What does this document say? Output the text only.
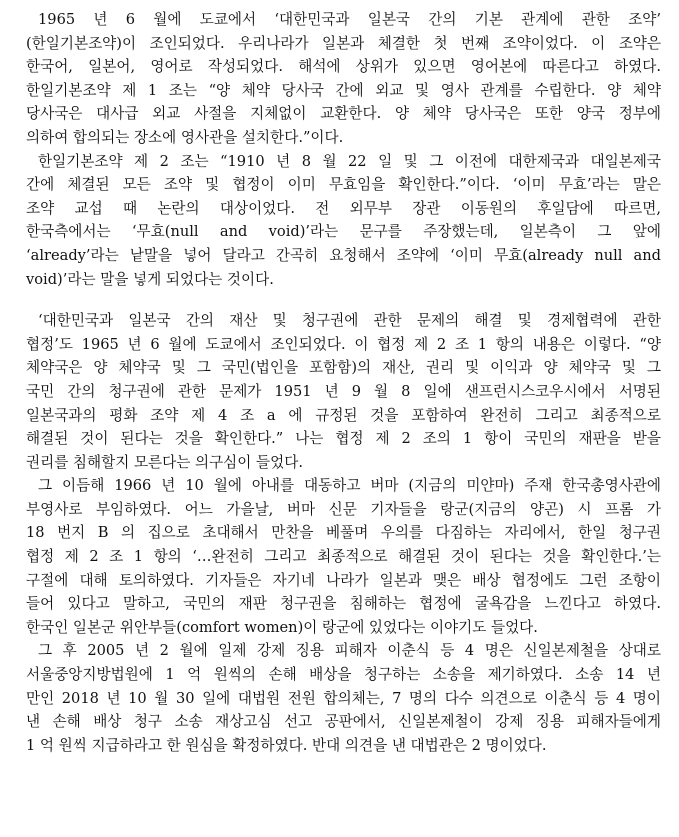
1965 년 6 월에 도쿄에서 ‘대한민국과 일본국 간의 기본 관계에 관한 조약’
(한일기본조약)이 조인되었다. 우리나라가 일본과 체결한 첫 번째 조약이었다. 이 조약은
한국어, 일본어, 영어로 작성되었다. 해석에 상위가 있으면 영어본에 따른다고 하였다.
한일기본조약 제 1 조는 “양 체약 당사국 간에 외교 및 영사 관계를 수립한다. 양 체약
당사국은 대사급 외교 사절을 지체없이 교환한다. 양 체약 당사국은 또한 양국 정부에
의하여 합의되는 장소에 영사관을 설치한다.”이다.
한일기본조약 제 2 조는 “1910 년 8 월 22 일 및 그 이전에 대한제국과 대일본제국
간에 체결된 모든 조약 및 협정이 이미 무효임을 확인한다.”이다. ‘이미 무효’라는 말은
조약 교섭 때 논란의 대상이었다. 전 외무부 장관 이동원의 후일담에 따르면,
한국측에서는 ‘무효(null and void)’라는 문구를 주장했는데, 일본측이 그 앞에
‘already’라는 낱말을 넣어 달라고 간곡히 요청해서 조약에 ‘이미 무효(already null and
void)’라는 말을 넣게 되었다는 것이다.
‘대한민국과 일본국 간의 재산 및 청구권에 관한 문제의 해결 및 경제협력에 관한
협정’도 1965 년 6 월에 도쿄에서 조인되었다. 이 협정 제 2 조 1 항의 내용은 이렇다. “양
체약국은 양 체약국 및 그 국민(법인을 포함함)의 재산, 권리 및 이익과 양 체약국 및 그
국민 간의 청구권에 관한 문제가 1951 년 9 월 8 일에 샌프런시스코우시에서 서명된
일본국과의 평화 조약 제 4 조 a 에 규정된 것을 포함하여 완전히 그리고 최종적으로
해결된 것이 된다는 것을 확인한다.” 나는 협정 제 2 조의 1 항이 국민의 재판을 받을
권리를 침해할지 모른다는 의구심이 들었다.
그 이듬해 1966 년 10 월에 아내를 대동하고 버마 (지금의 미얀마) 주재 한국총영사관에
부영사로 부임하였다. 어느 가을날, 버마 신문 기자들을 랑군(지금의 양곤) 시 프롬 가
18 번지 B 의 집으로 초대해서 만찬을 베풀며 우의를 다짐하는 자리에서, 한일 청구권
협정 제 2 조 1 항의 ‘…완전히 그리고 최종적으로 해결된 것이 된다는 것을 확인한다.’는
구절에 대해 토의하였다. 기자들은 자기네 나라가 일본과 맺은 배상 협정에도 그런 조항이
들어 있다고 말하고, 국민의 재판 청구권을 침해하는 협정에 굴욕감을 느낀다고 하였다.
한국인 일본군 위안부들(comfort women)이 랑군에 있었다는 이야기도 들었다.
그 후 2005 년 2 월에 일제 강제 징용 피해자 이춘식 등 4 명은 신일본제철을 상대로
서울중앙지방법원에 1 억 원씩의 손해 배상을 청구하는 소송을 제기하였다. 소송 14 년
만인 2018 년 10 월 30 일에 대법원 전원 합의체는, 7 명의 다수 의견으로 이춘식 등 4 명이
낸 손해 배상 청구 소송 재상고심 선고 공판에서, 신일본제철이 강제 징용 피해자들에게
1 억 원씩 지급하라고 한 원심을 확정하였다. 반대 의견을 낸 대법관은 2 명이었다.
